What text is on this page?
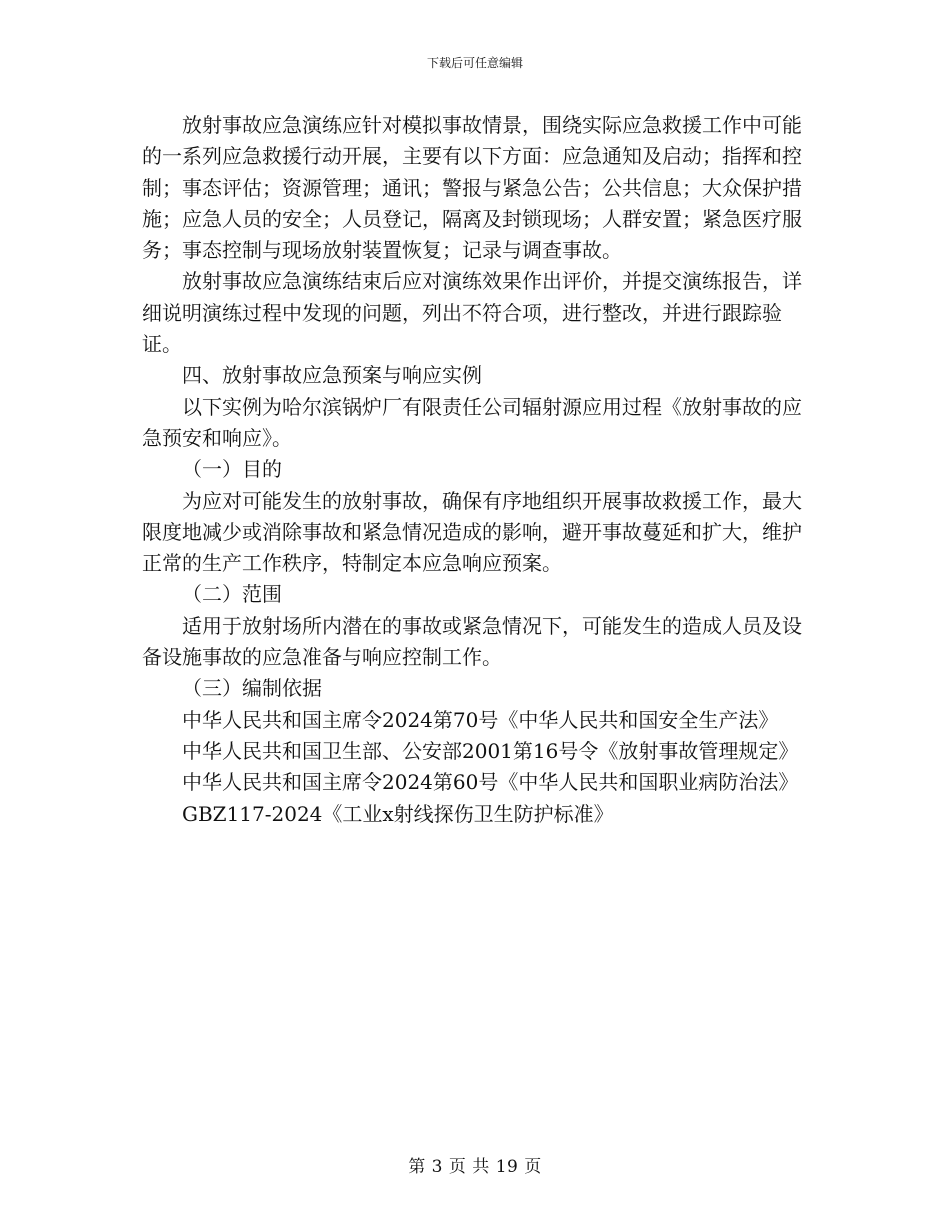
下载后可任意编辑

放射事故应急演练应针对模拟事故情景，围绕实际应急救援工作中可能的一系列应急救援行动开展，主要有以下方面：应急通知及启动；指挥和控制；事态评估；资源管理；通讯；警报与紧急公告；公共信息；大众保护措施；应急人员的安全；人员登记，隔离及封锁现场；人群安置；紧急医疗服务；事态控制与现场放射装置恢复；记录与调查事故。

放射事故应急演练结束后应对演练效果作出评价，并提交演练报告，详细说明演练过程中发现的问题，列出不符合项，进行整改，并进行跟踪验证。

四、放射事故应急预案与响应实例

以下实例为哈尔滨锅炉厂有限责任公司辐射源应用过程《放射事故的应急预安和响应》。

（一）目的

为应对可能发生的放射事故，确保有序地组织开展事故救援工作，最大限度地减少或消除事故和紧急情况造成的影响，避开事故蔓延和扩大，维护正常的生产工作秩序，特制定本应急响应预案。

（二）范围

适用于放射场所内潜在的事故或紧急情况下，可能发生的造成人员及设备设施事故的应急准备与响应控制工作。

（三）编制依据

中华人民共和国主席令2024第70号《中华人民共和国安全生产法》

中华人民共和国卫生部、公安部2001第16号令《放射事故管理规定》

中华人民共和国主席令2024第60号《中华人民共和国职业病防治法》

GBZ117-2024《工业x射线探伤卫生防护标准》

第 3 页 共 19 页
